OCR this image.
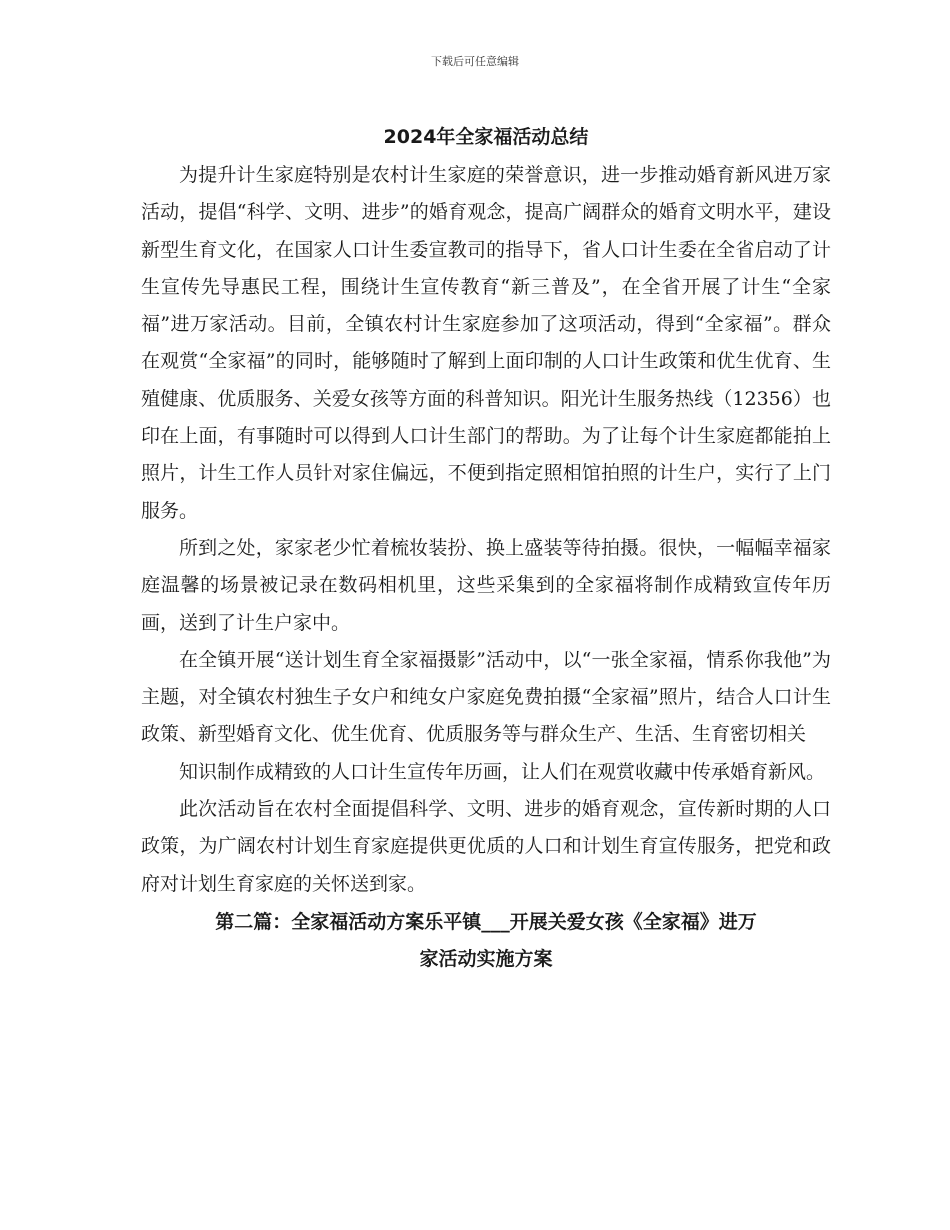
下载后可任意编辑
2024年全家福活动总结

为提升计生家庭特别是农村计生家庭的荣誉意识，进一步推动婚育新风进万家活动，提倡“科学、文明、进步”的婚育观念，提高广阔群众的婚育文明水平，建设新型生育文化，在国家人口计生委宣教司的指导下，省人口计生委在全省启动了计生宣传先导惠民工程，围绕计生宣传教育“新三普及”，在全省开展了计生“全家福”进万家活动。目前，全镇农村计生家庭参加了这项活动，得到“全家福”。群众在观赏“全家福”的同时，能够随时了解到上面印制的人口计生政策和优生优育、生殖健康、优质服务、关爱女孩等方面的科普知识。阳光计生服务热线（12356）也印在上面，有事随时可以得到人口计生部门的帮助。为了让每个计生家庭都能拍上照片，计生工作人员针对家住偏远，不便到指定照相馆拍照的计生户，实行了上门服务。

所到之处，家家老少忙着梳妆装扮、换上盛装等待拍摄。很快，一幅幅幸福家庭温馨的场景被记录在数码相机里，这些采集到的全家福将制作成精致宣传年历画，送到了计生户家中。

在全镇开展“送计划生育全家福摄影”活动中，以“一张全家福，情系你我他”为主题，对全镇农村独生子女户和纯女户家庭免费拍摄“全家福”照片，结合人口计生政策、新型婚育文化、优生优育、优质服务等与群众生产、生活、生育密切相关

知识制作成精致的人口计生宣传年历画，让人们在观赏收藏中传承婚育新风。

此次活动旨在农村全面提倡科学、文明、进步的婚育观念，宣传新时期的人口政策，为广阔农村计划生育家庭提供更优质的人口和计划生育宣传服务，把党和政府对计划生育家庭的关怀送到家。

第二篇：全家福活动方案乐平镇___开展关爱女孩《全家福》进万
家活动实施方案
